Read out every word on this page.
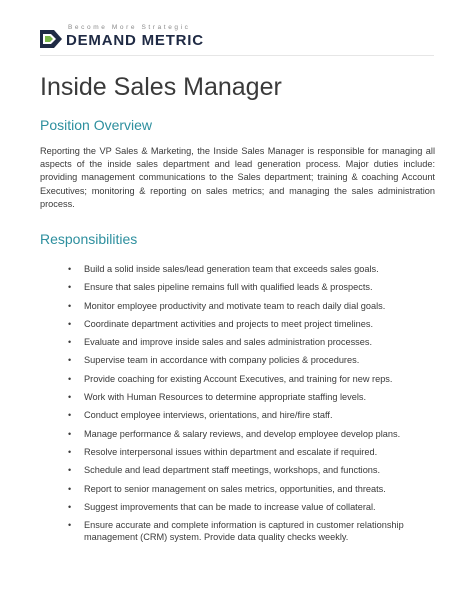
Become More Strategic
DEMAND METRIC
Inside Sales Manager
Position Overview

Reporting the VP Sales & Marketing, the Inside Sales Manager is responsible for managing all aspects of the inside sales department and lead generation process. Major duties include: providing management communications to the Sales department; training & coaching Account Executives; monitoring & reporting on sales metrics; and managing the sales administration process.

Responsibilities
• Build a solid inside sales/lead generation team that exceeds sales goals.
• Ensure that sales pipeline remains full with qualified leads & prospects.
• Monitor employee productivity and motivate team to reach daily dial goals.
• Coordinate department activities and projects to meet project timelines.
• Evaluate and improve inside sales and sales administration processes.
• Supervise team in accordance with company policies & procedures.
• Provide coaching for existing Account Executives, and training for new reps.
• Work with Human Resources to determine appropriate staffing levels.
• Conduct employee interviews, orientations, and hire/fire staff.
• Manage performance & salary reviews, and develop employee develop plans.
• Resolve interpersonal issues within department and escalate if required.
• Schedule and lead department staff meetings, workshops, and functions.
• Report to senior management on sales metrics, opportunities, and threats.
• Suggest improvements that can be made to increase value of collateral.
• Ensure accurate and complete information is captured in customer relationship management (CRM) system. Provide data quality checks weekly.
